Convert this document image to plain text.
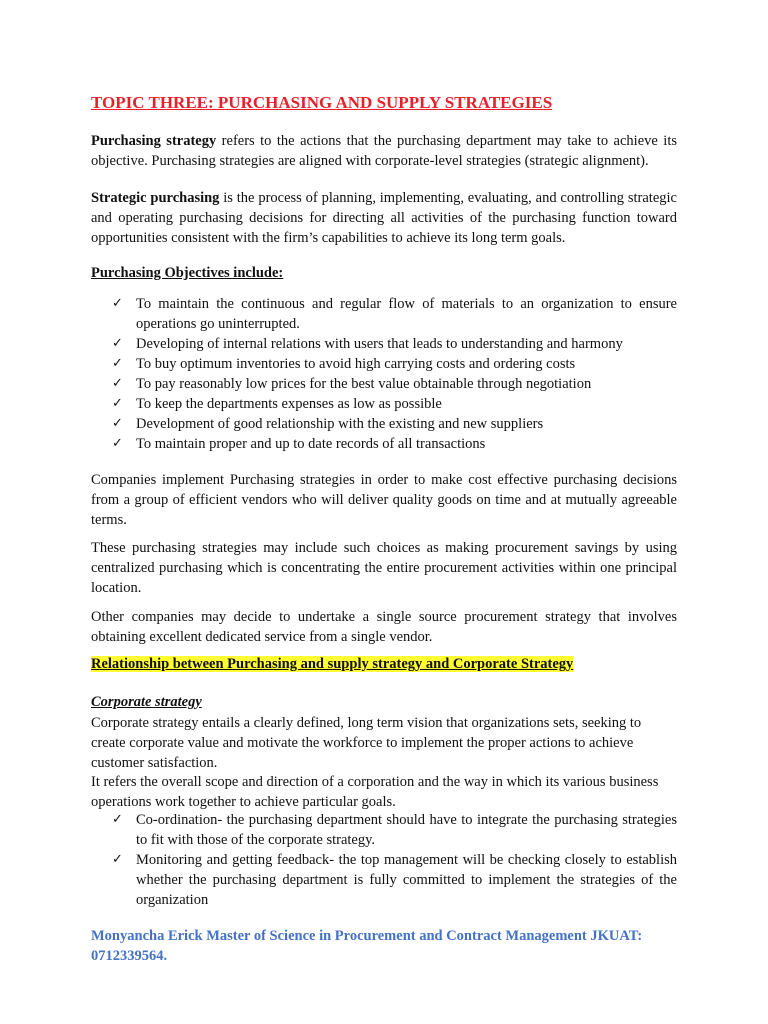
TOPIC THREE: PURCHASING AND SUPPLY STRATEGIES

Purchasing strategy refers to the actions that the purchasing department may take to achieve its objective. Purchasing strategies are aligned with corporate-level strategies (strategic alignment).

Strategic purchasing is the process of planning, implementing, evaluating, and controlling strategic and operating purchasing decisions for directing all activities of the purchasing function toward opportunities consistent with the firm’s capabilities to achieve its long term goals.

Purchasing Objectives include:

✓ To maintain the continuous and regular flow of materials to an organization to ensure operations go uninterrupted.
✓ Developing of internal relations with users that leads to understanding and harmony
✓ To buy optimum inventories to avoid high carrying costs and ordering costs
✓ To pay reasonably low prices for the best value obtainable through negotiation
✓ To keep the departments expenses as low as possible
✓ Development of good relationship with the existing and new suppliers
✓ To maintain proper and up to date records of all transactions

Companies implement Purchasing strategies in order to make cost effective purchasing decisions from a group of efficient vendors who will deliver quality goods on time and at mutually agreeable terms.

These purchasing strategies may include such choices as making procurement savings by using centralized purchasing which is concentrating the entire procurement activities within one principal location.

Other companies may decide to undertake a single source procurement strategy that involves obtaining excellent dedicated service from a single vendor.

Relationship between Purchasing and supply strategy and Corporate Strategy

Corporate strategy

Corporate strategy entails a clearly defined, long term vision that organizations sets, seeking to create corporate value and motivate the workforce to implement the proper actions to achieve customer satisfaction.

It refers the overall scope and direction of a corporation and the way in which its various business operations work together to achieve particular goals.

✓ Co-ordination- the purchasing department should have to integrate the purchasing strategies to fit with those of the corporate strategy.
✓ Monitoring and getting feedback- the top management will be checking closely to establish whether the purchasing department is fully committed to implement the strategies of the organization

Monyancha Erick Master of Science in Procurement and Contract Management JKUAT:
0712339564.
